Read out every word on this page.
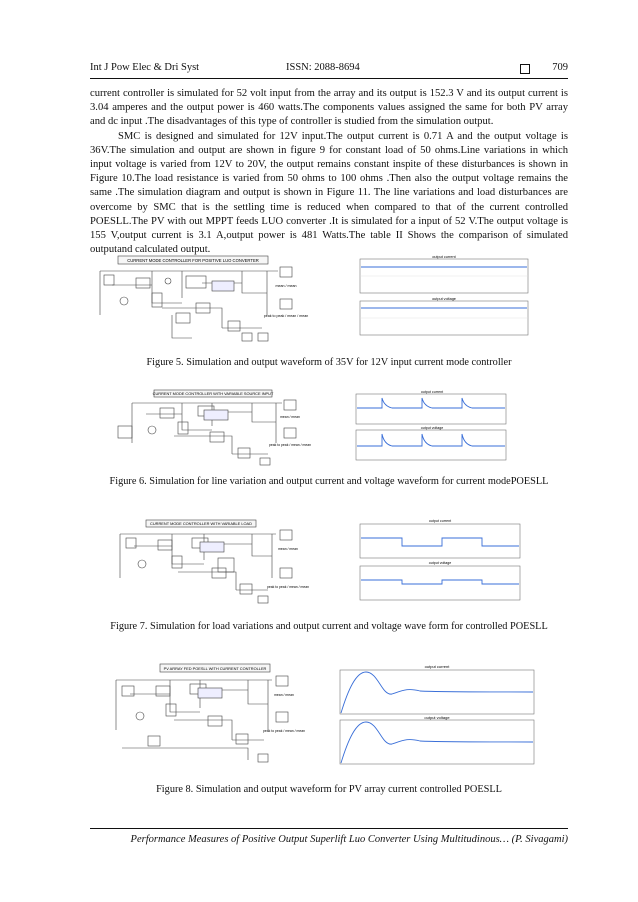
Int J Pow Elec & Dri Syst	ISSN: 2088-8694	709

current controller is simulated for 52 volt input from the array and its output is 152.3 V and its output current is 3.04 amperes and the output power is 460 watts.The components values assigned the same for both PV array and dc input .The disadvantages of this type of controller is studied from the simulation output.

SMC is designed and simulated for 12V input.The output current is 0.71 A and the output voltage is 36V.The simulation and output are shown in figure 9 for constant load of 50 ohms.Line variations in which input voltage is varied from 12V to 20V, the output remains constant inspite of these disturbances is shown in Figure 10.The load resistance is varied from 50 ohms to 100 ohms .Then also the output voltage remains the same .The simulation diagram and output is shown in Figure 11. The line variations and load disturbances are overcome by SMC that is the settling time is reduced when compared to that of the current controlled POESLL.The PV with out MPPT feeds LUO converter .It is simulated for a input of 52 V.The output voltage is 155 V,output current is 3.1 A,output power is 481 Watts.The table II Shows the comparison of simulated outputand calculated output.

CURRENT MODE CONTROLLER FOR POSITIVE LUO CONVERTER
mean / mean
peak to peak / mean / mean
output current
output voltage
Figure 5. Simulation and output waveform of 35V for 12V input current mode controller
CURRENT MODE CONTROLLER WITH VARIABLE SOURCE INPUT
mean / mean
peak to peak / mean / mean
output current
output voltage
Figure 6. Simulation for line variation and output current and voltage waveform for current modePOESLL
CURRENT MODE CONTROLLER WITH VARIABLE LOAD
mean / mean
peak to peak / mean / mean
output current
output voltage
Figure 7. Simulation for load variations and output current and voltage wave form for controlled POESLL
PV ARRAY FED POESLL WITH CURRENT CONTROLLER
mean / mean
peak to peak / mean / mean
output current
output voltage
Figure 8. Simulation and output waveform for PV array current controlled POESLL
Performance Measures of Positive Output Superlift Luo Converter Using Multitudinous… (P. Sivagami)
